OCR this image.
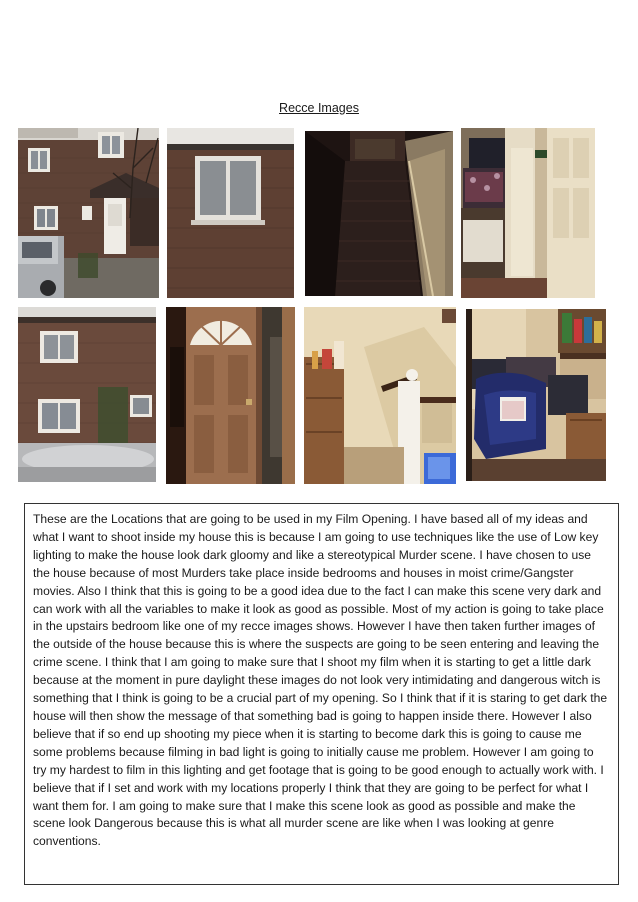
Recce Images

These are the Locations that are going to be used in my Film Opening. I have based all of my ideas and what I want to shoot inside my house this is because I am going to use techniques like the use of Low key lighting to make the house look dark gloomy and like a stereotypical Murder scene. I have chosen to use the house because of most Murders take place inside bedrooms and houses in moist crime/Gangster movies. Also I think that this is going to be a good idea due to the fact I can make this scene very dark and can work with all the variables to make it look as good as possible. Most of my action is going to take place in the upstairs bedroom like one of my recce images shows. However I have then taken further images of the outside of the house because this is where the suspects are going to be seen entering and leaving the crime scene. I think that I am going to make sure that I shoot my film when it is starting to get a little dark because at the moment in pure daylight these images do not look very intimidating and dangerous witch is something that I think is going to be a crucial part of my opening. So I think that if it is staring to get dark the house will then show the message of that something bad is going to happen inside there. However I also believe that if so end up shooting my piece when it is starting to become dark this is going to cause me some problems because filming in bad light is going to initially cause me problem. However I am going to try my hardest to film in this lighting and get footage that is going to be good enough to actually work with. I believe that if I set and work with my locations properly I think that they are going to be perfect for what I want them for. I am going to make sure that I make this scene look as good as possible and make the scene look Dangerous because this is what all murder scene are like when I was looking at genre conventions.
